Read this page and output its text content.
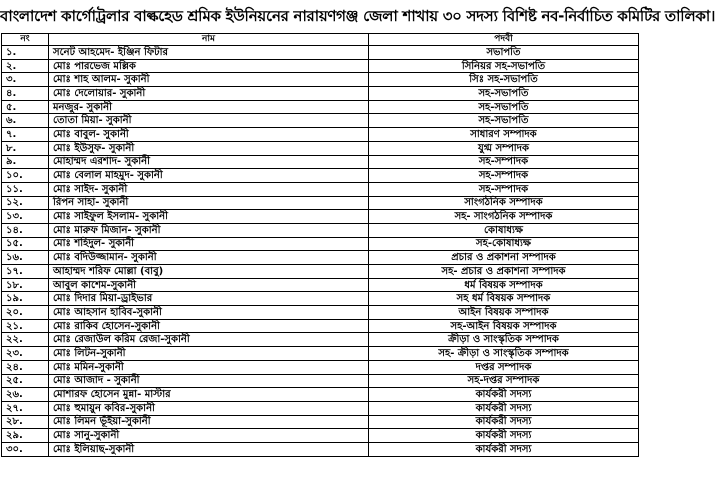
বাংলাদেশ কার্গোট্রলার বাল্কহেড শ্রমিক ইউনিয়নের নারায়ণগঞ্জ জেলা শাখায় ৩০ সদস্য বিশিষ্ট নব-নির্বাচিত কমিটির তালিকা।
নং	নাম	পদবী
১.	সনেট আহমেদ- ইঞ্জিন ফিটার	সভাপতি
২.	মোঃ পারভেজ মল্লিক	সিনিয়র সহ-সভাপতি
৩.	মোঃ শাহ আলম- সুকানী	সিঃ সহ-সভাপতি
৪.	মোঃ দেলোয়ার- সুকানী	সহ-সভাপতি
৫.	মনজুর- সুকানী	সহ-সভাপতি
৬.	তোতা মিয়া- সুকানী	সহ-সভাপতি
৭.	মোঃ বাবুল- সুকানী	সাধারণ সম্পাদক
৮.	মোঃ ইউসুফ- সুকানী	যুগ্ম সম্পাদক
৯.	মোহাম্মদ এরশাদ- সুকানী	সহ-সম্পাদক
১০.	মোঃ বেলাল মাহমুদ- সুকানী	সহ-সম্পাদক
১১.	মোঃ সাইদ- সুকানী	সহ-সম্পাদক
১২.	রিপন সাহা- সুকানী	সাংগঠনিক সম্পাদক
১৩.	মোঃ সাইফুল ইসলাম- সুকানী	সহ- সাংগঠনিক সম্পাদক
১৪.	মোঃ মারুফ মিজান- সুকানী	কোষাধ্যক্ষ
১৫.	মোঃ শহিদুল- সুকানী	সহ-কোষাধ্যক্ষ
১৬.	মোঃ বদিউজ্জামান- সুকানী	প্রচার ও প্রকাশনা সম্পাদক
১৭.	আহাম্মদ শরিফ মোল্লা (বাবু)	সহ- প্রচার ও প্রকাশনা সম্পাদক
১৮.	আবুল কাশেম-সুকানী	ধর্ম বিষয়ক সম্পাদক
১৯.	মোঃ দিদার মিয়া-ড্রাইভার	সহ ধর্ম বিষয়ক সম্পাদক
২০.	মোঃ আহসান হাবিব-সুকানী	আইন বিষয়ক সম্পাদক
২১.	মোঃ রাকিব হোসেন-সুকানী	সহ-আইন বিষয়ক সম্পাদক
২২.	মোঃ রেজাউল করিম রেজা-সুকানী	ক্রীড়া ও সাংস্কৃতিক সম্পাদক
২৩.	মোঃ লিটন-সুকানী	সহ- ক্রীড়া ও সাংস্কৃতিক সম্পাদক
২৪.	মোঃ মমিন-সুকানী	দপ্তর সম্পাদক
২৫.	মোঃ আজাদ - সুকানী	সহ-দপ্তর সম্পাদক
২৬.	মোশারফ হোসেন মুন্না- মাস্টার	কার্যকরী সদস্য
২৭.	মোঃ হুমায়ুন কবির-সুকানী	কার্যকরী সদস্য
২৮.	মোঃ লিমন ভূঁইয়া-সুকানী	কার্যকরী সদস্য
২৯.	মোঃ সানু-সুকানী	কার্যকরী সদস্য
৩০.	মোঃ ইলিয়াছ-সুকানী	কার্যকরী সদস্য
